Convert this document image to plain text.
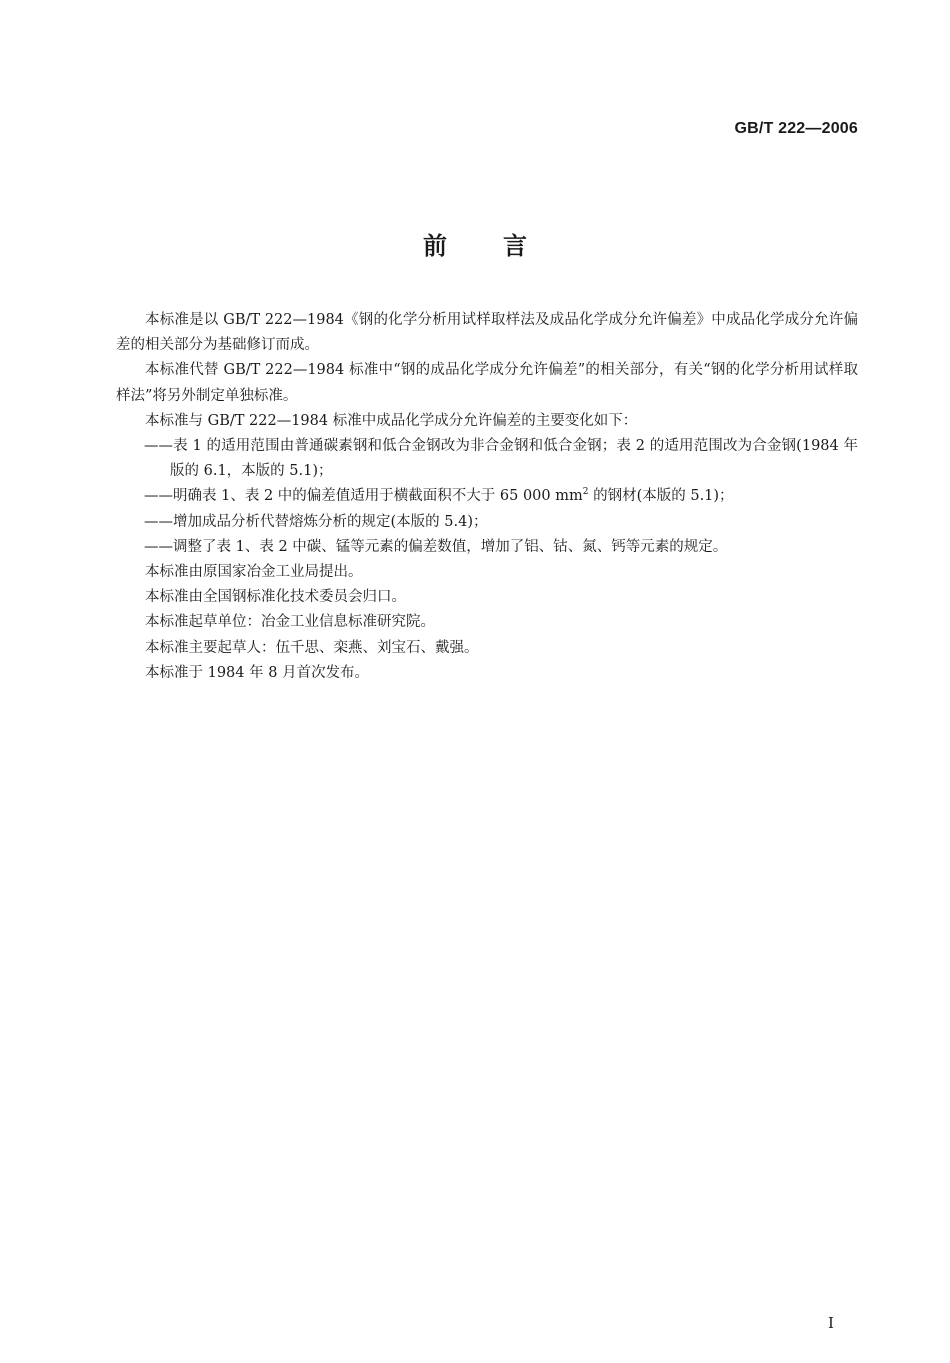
GB/T 222—2006
前言

本标准是以 GB/T 222—1984《钢的化学分析用试样取样法及成品化学成分允许偏差》中成品化学成分允许偏差的相关部分为基础修订而成。

本标准代替 GB/T 222—1984 标准中“钢的成品化学成分允许偏差”的相关部分，有关“钢的化学分析用试样取样法”将另外制定单独标准。

本标准与 GB/T 222—1984 标准中成品化学成分允许偏差的主要变化如下：

——表 1 的适用范围由普通碳素钢和低合金钢改为非合金钢和低合金钢；表 2 的适用范围改为合金钢(1984 年版的 6.1，本版的 5.1)；

——明确表 1、表 2 中的偏差值适用于横截面积不大于 65 000 $mm^2$ 的钢材(本版的 5.1)；

——增加成品分析代替熔炼分析的规定(本版的 5.4)；

——调整了表 1、表 2 中碳、锰等元素的偏差数值，增加了铝、钴、氮、钙等元素的规定。

本标准由原国家冶金工业局提出。

本标准由全国钢标准化技术委员会归口。

本标准起草单位：冶金工业信息标准研究院。

本标准主要起草人：伍千思、栾燕、刘宝石、戴强。

本标准于 1984 年 8 月首次发布。

I
